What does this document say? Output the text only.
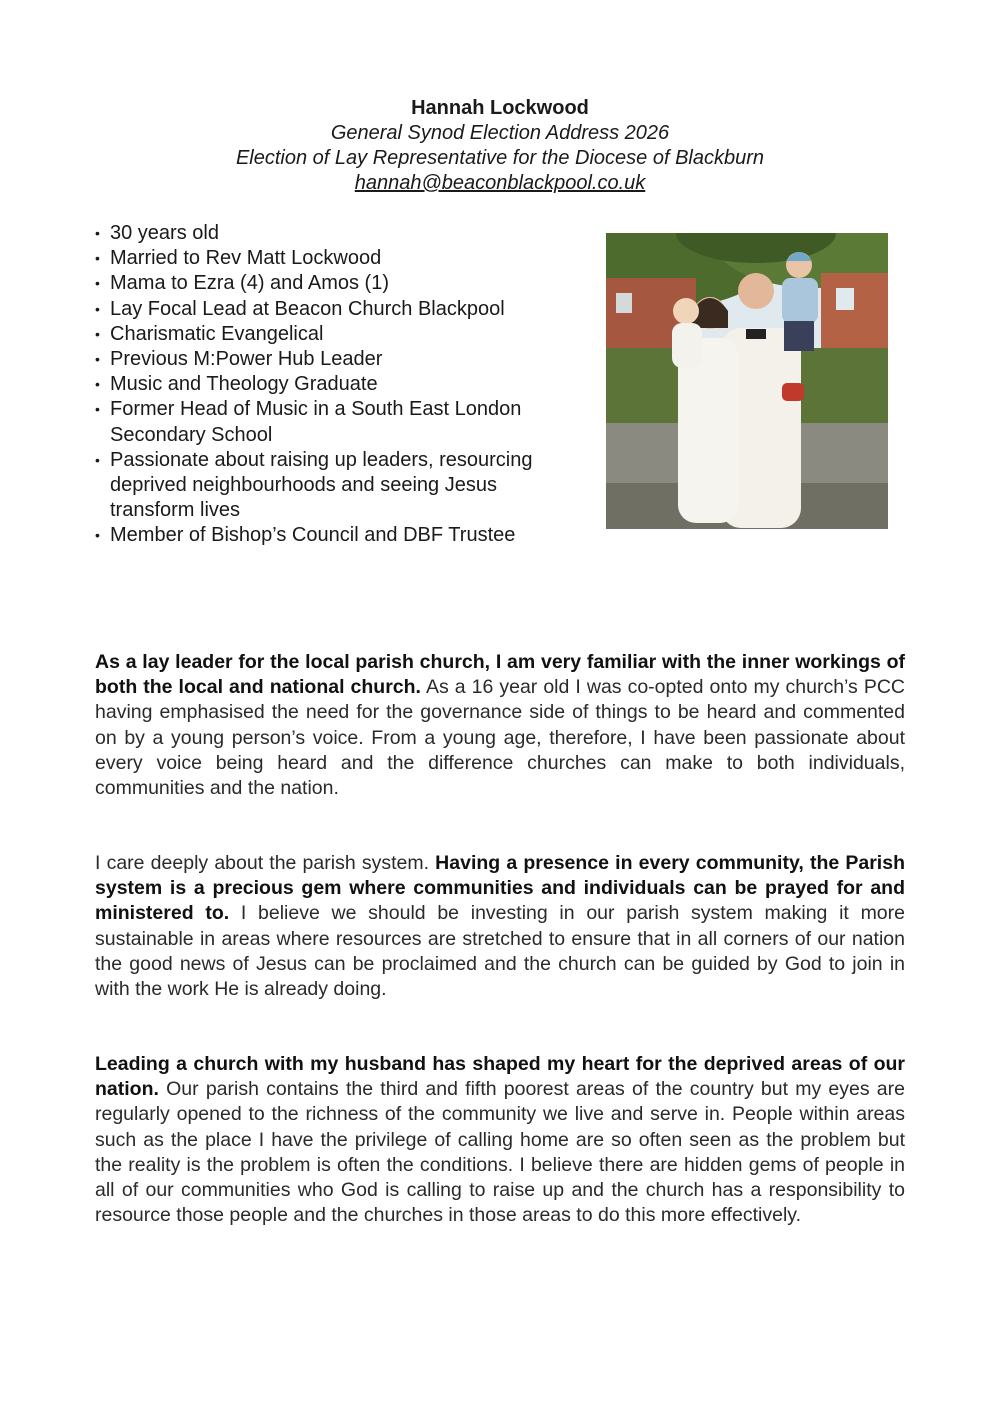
Hannah Lockwood
General Synod Election Address 2026
Election of Lay Representative for the Diocese of Blackburn
hannah@beaconblackpool.co.uk
• 30 years old
• Married to Rev Matt Lockwood
• Mama to Ezra (4) and Amos (1)
• Lay Focal Lead at Beacon Church Blackpool
• Charismatic Evangelical
• Previous M:Power Hub Leader
• Music and Theology Graduate
• Former Head of Music in a South East London Secondary School
• Passionate about raising up leaders, resourcing deprived neighbourhoods and seeing Jesus transform lives
• Member of Bishop’s Council and DBF Trustee

As a lay leader for the local parish church, I am very familiar with the inner workings of both the local and national church. As a 16 year old I was co-opted onto my church’s PCC having emphasised the need for the governance side of things to be heard and commented on by a young person’s voice. From a young age, therefore, I have been passionate about every voice being heard and the difference churches can make to both individuals, communities and the nation.

I care deeply about the parish system. Having a presence in every community, the Parish system is a precious gem where communities and individuals can be prayed for and ministered to. I believe we should be investing in our parish system making it more sustainable in areas where resources are stretched to ensure that in all corners of our nation the good news of Jesus can be proclaimed and the church can be guided by God to join in with the work He is already doing.

Leading a church with my husband has shaped my heart for the deprived areas of our nation. Our parish contains the third and fifth poorest areas of the country but my eyes are regularly opened to the richness of the community we live and serve in. People within areas such as the place I have the privilege of calling home are so often seen as the problem but the reality is the problem is often the conditions. I believe there are hidden gems of people in all of our communities who God is calling to raise up and the church has a responsibility to resource those people and the churches in those areas to do this more effectively.
